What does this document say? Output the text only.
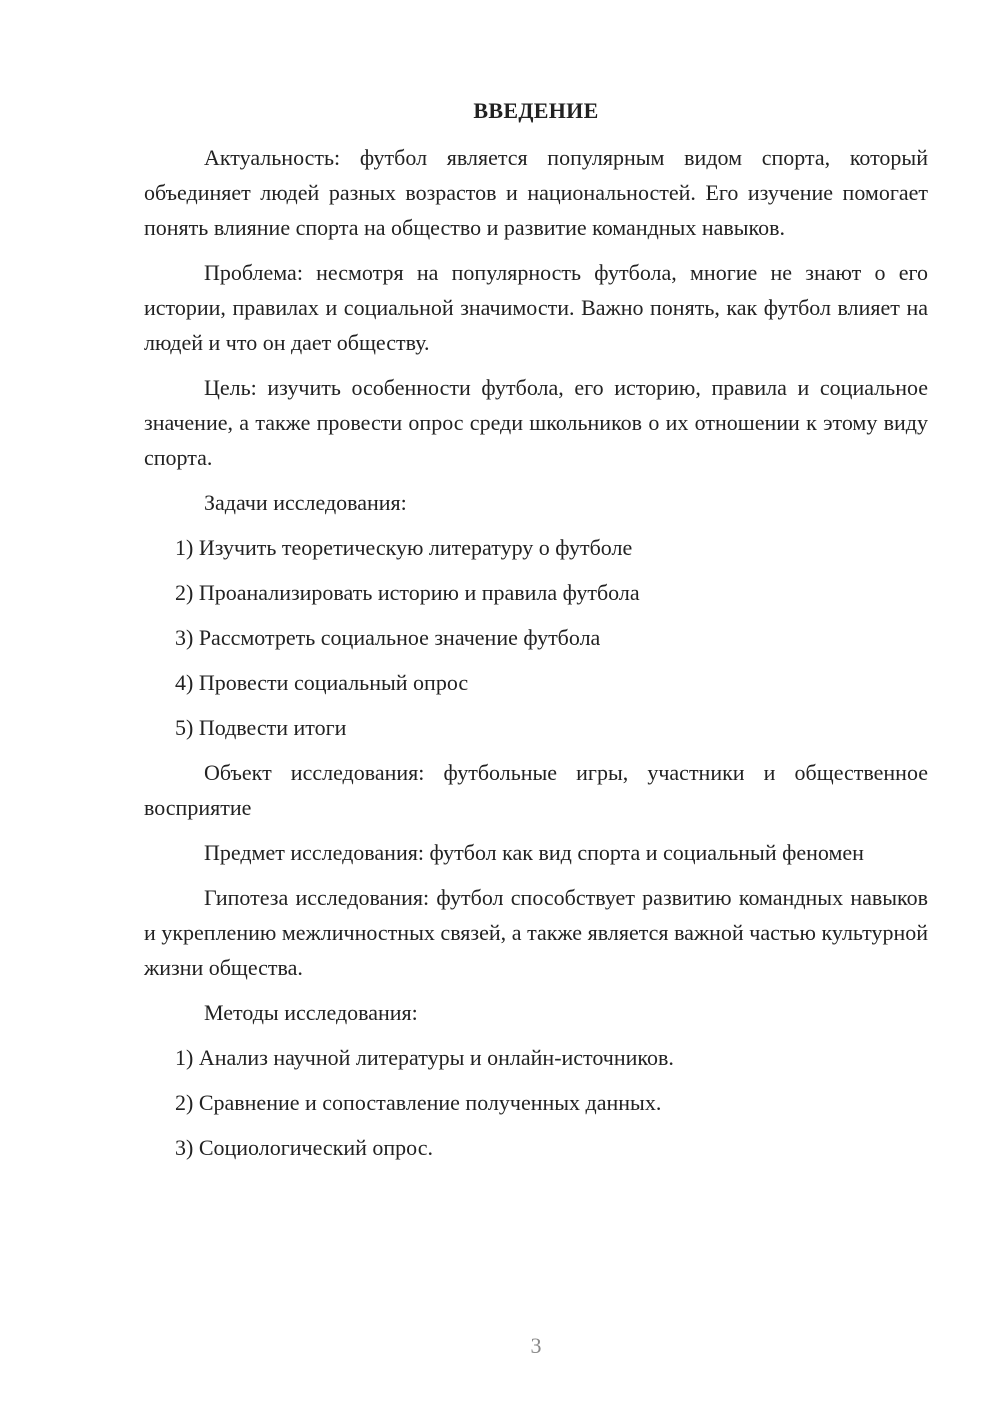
ВВЕДЕНИЕ

Актуальность: футбол является популярным видом спорта, который объединяет людей разных возрастов и национальностей. Его изучение помогает понять влияние спорта на общество и развитие командных навыков.

Проблема: несмотря на популярность футбола, многие не знают о его истории, правилах и социальной значимости. Важно понять, как футбол влияет на людей и что он дает обществу.

Цель: изучить особенности футбола, его историю, правила и социальное значение, а также провести опрос среди школьников о их отношении к этому виду спорта.

Задачи исследования:

1) Изучить теоретическую литературу о футболе
2) Проанализировать историю и правила футбола
3) Рассмотреть социальное значение футбола
4) Провести социальный опрос
5) Подвести итоги

Объект исследования: футбольные игры, участники и общественное восприятие

Предмет исследования: футбол как вид спорта и социальный феномен

Гипотеза исследования: футбол способствует развитию командных навыков и укреплению межличностных связей, а также является важной частью культурной жизни общества.

Методы исследования:

1) Анализ научной литературы и онлайн-источников.
2) Сравнение и сопоставление полученных данных.
3) Социологический опрос.
3
